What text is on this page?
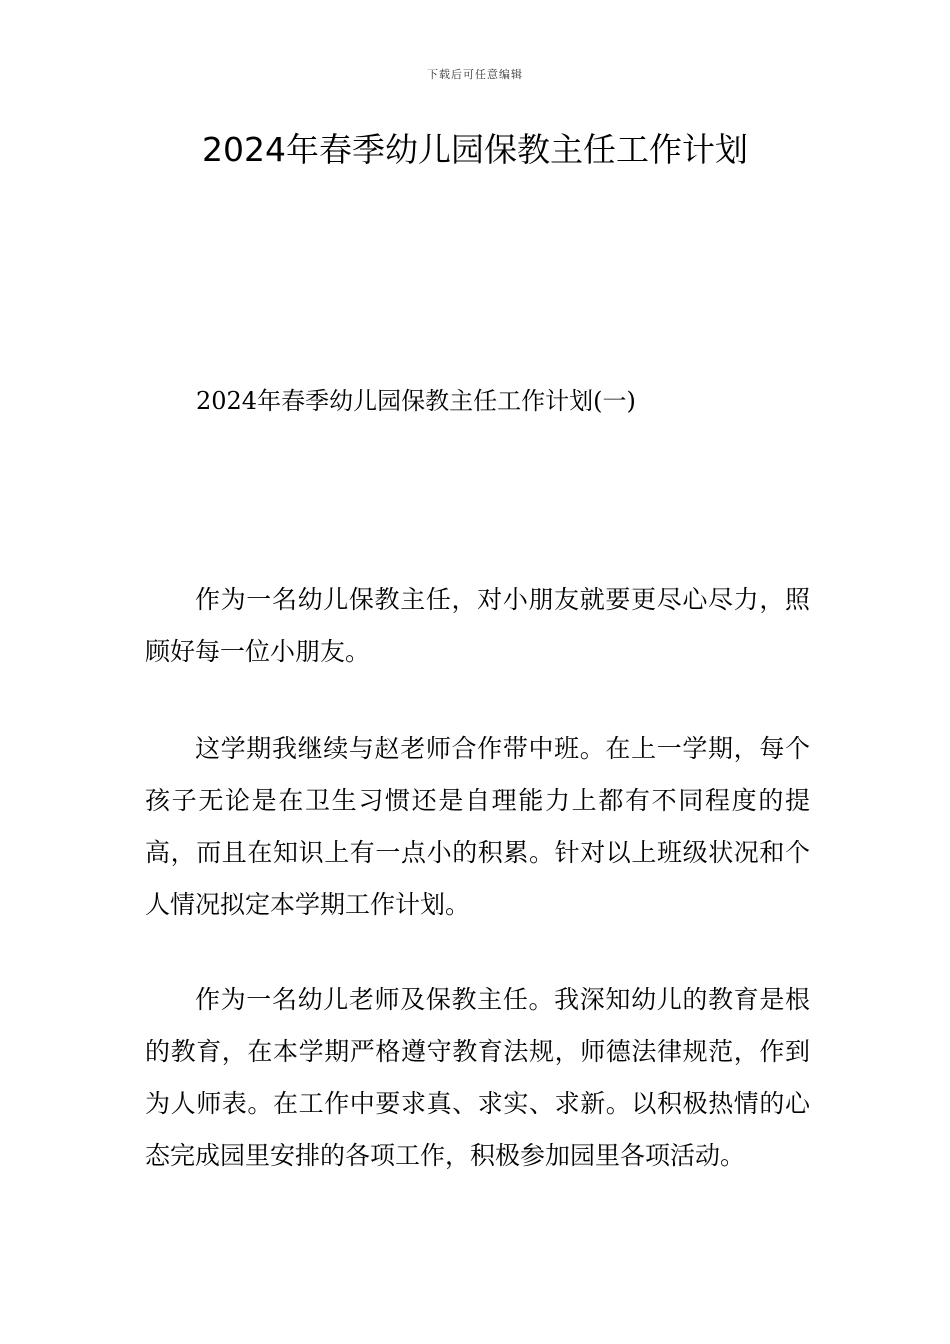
下载后可任意编辑
2024年春季幼儿园保教主任工作计划

2024年春季幼儿园保教主任工作计划(一)

作为一名幼儿保教主任，对小朋友就要更尽心尽力，照顾好每一位小朋友。

这学期我继续与赵老师合作带中班。在上一学期，每个孩子无论是在卫生习惯还是自理能力上都有不同程度的提高，而且在知识上有一点小的积累。针对以上班级状况和个人情况拟定本学期工作计划。

作为一名幼儿老师及保教主任。我深知幼儿的教育是根的教育，在本学期严格遵守教育法规，师德法律规范，作到为人师表。在工作中要求真、求实、求新。以积极热情的心态完成园里安排的各项工作，积极参加园里各项活动。
